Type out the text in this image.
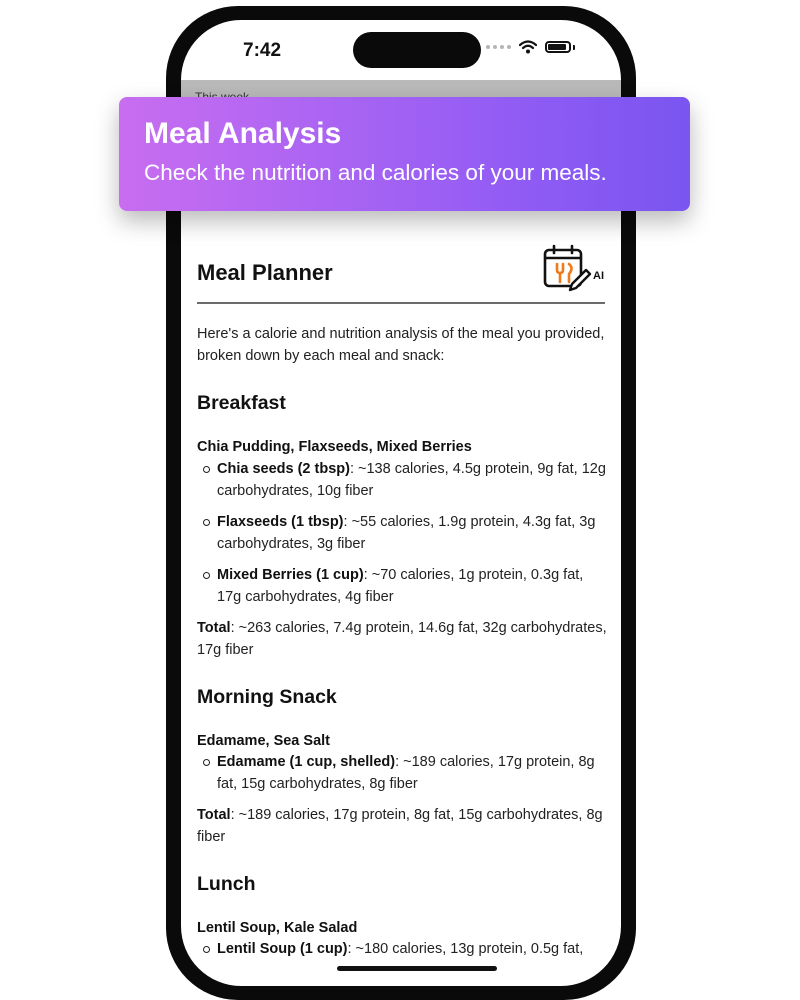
7:42
Meal Planner	AI
Here's a calorie and nutrition analysis of the meal you provided, broken down by each meal and snack:
Breakfast
Chia Pudding, Flaxseeds, Mixed Berries
Chia seeds (2 tbsp): ~138 calories, 4.5g protein, 9g fat, 12g carbohydrates, 10g fiber
Flaxseeds (1 tbsp): ~55 calories, 1.9g protein, 4.3g fat, 3g carbohydrates, 3g fiber
Mixed Berries (1 cup): ~70 calories, 1g protein, 0.3g fat, 17g carbohydrates, 4g fiber
Total: ~263 calories, 7.4g protein, 14.6g fat, 32g carbohydrates, 17g fiber
Morning Snack
Edamame, Sea Salt
Edamame (1 cup, shelled): ~189 calories, 17g protein, 8g fat, 15g carbohydrates, 8g fiber
Total: ~189 calories, 17g protein, 8g fat, 15g carbohydrates, 8g fiber
Lunch
Lentil Soup, Kale Salad
Lentil Soup (1 cup): ~180 calories, 13g protein, 0.5g fat,
Meal Analysis
Check the nutrition and calories of your meals.
